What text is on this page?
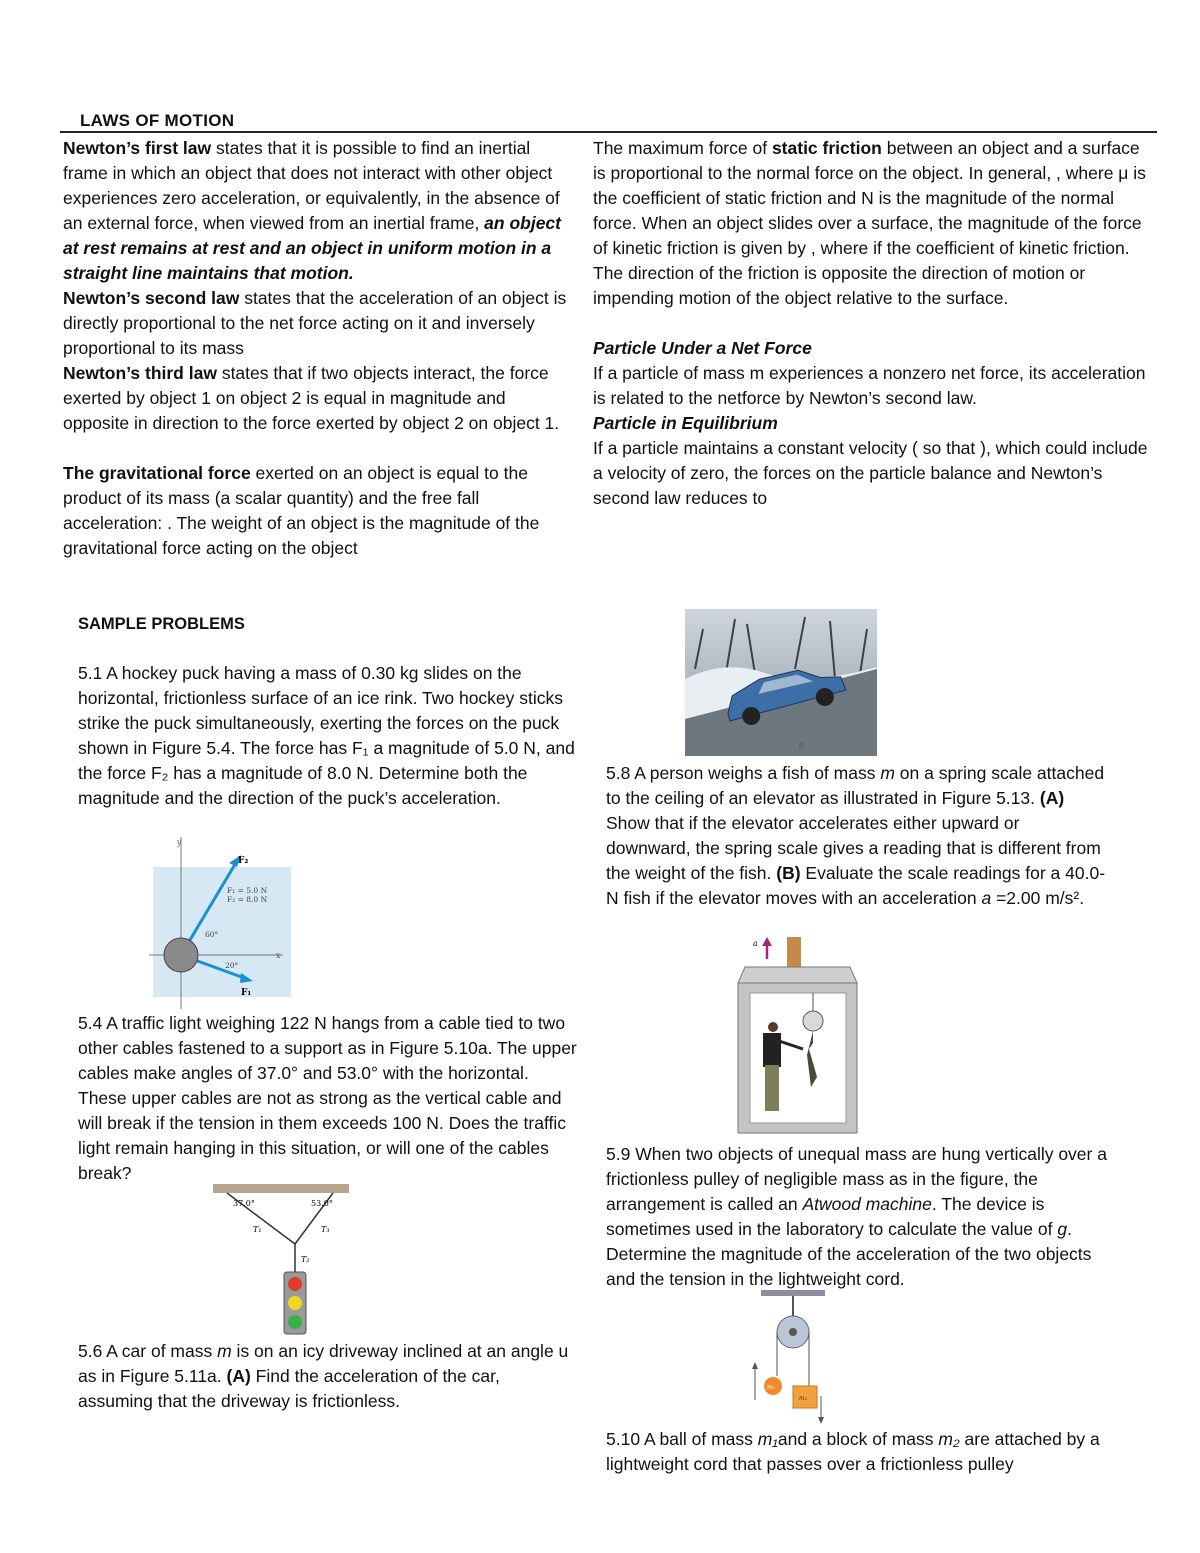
LAWS OF MOTION

Newton’s first law states that it is possible to find an inertial frame in which an object that does not interact with other object experiences zero acceleration, or equivalently, in the absence of an external force, when viewed from an inertial frame, an object at rest remains at rest and an object in uniform motion in a straight line maintains that motion.

Newton’s second law states that the acceleration of an object is directly proportional to the net force acting on it and inversely proportional to its mass

Newton’s third law states that if two objects interact, the force exerted by object 1 on object 2 is equal in magnitude and opposite in direction to the force exerted by object 2 on object 1.

The gravitational force exerted on an object is equal to the product of its mass (a scalar quantity) and the free fall acceleration: . The weight of an object is the magnitude of the gravitational force acting on the object

The maximum force of static friction between an object and a surface is proportional to the normal force on the object. In general, , where μ is the coefficient of static friction and N is the magnitude of the normal force. When an object slides over a surface, the magnitude of the force of kinetic friction is given by , where if the coefficient of kinetic friction. The direction of the friction is opposite the direction of motion or impending motion of the object relative to the surface.

Particle Under a Net Force

If a particle of mass m experiences a nonzero net force, its acceleration is related to the netforce by Newton’s second law.

Particle in Equilibrium

If a particle maintains a constant velocity ( so that ), which could include a velocity of zero, the forces on the particle balance and Newton’s second law reduces to

SAMPLE PROBLEMS

5.1 A hockey puck having a mass of 0.30 kg slides on the horizontal, frictionless surface of an ice rink. Two hockey sticks strike the puck simultaneously, exerting the forces on the puck shown in Figure 5.4. The force has F₁ a magnitude of 5.0 N, and the force F₂ has a magnitude of 8.0 N. Determine both the magnitude and the direction of the puck’s acceleration.

y
x
F₂
F₁
F₁ = 5.0 N
F₂ = 8.0 N
60°
20°

5.4 A traffic light weighing 122 N hangs from a cable tied to two other cables fastened to a support as in Figure 5.10a. The upper cables make angles of 37.0° and 53.0° with the horizontal. These upper cables are not as strong as the vertical cable and will break if the tension in them exceeds 100 N. Does the traffic light remain hanging in this situation, or will one of the cables break?

37.0°	53.0°
T₁	T₃
T₂

5.6 A car of mass m is on an icy driveway inclined at an angle u as in Figure 5.11a. (A) Find the acceleration of the car, assuming that the driveway is frictionless.

θ

5.8 A person weighs a fish of mass m on a spring scale attached to the ceiling of an elevator as illustrated in Figure 5.13. (A) Show that if the elevator accelerates either upward or downward, the spring scale gives a reading that is different from the weight of the fish. (B) Evaluate the scale readings for a 40.0-N fish if the elevator moves with an acceleration a =2.00 m/s².

a

5.9 When two objects of unequal mass are hung vertically over a frictionless pulley of negligible mass as in the figure, the arrangement is called an Atwood machine. The device is sometimes used in the laboratory to calculate the value of g. Determine the magnitude of the acceleration of the two objects and the tension in the lightweight cord.

m₁
m₂

5.10 A ball of mass m₁and a block of mass m₂ are attached by a lightweight cord that passes over a frictionless pulley
